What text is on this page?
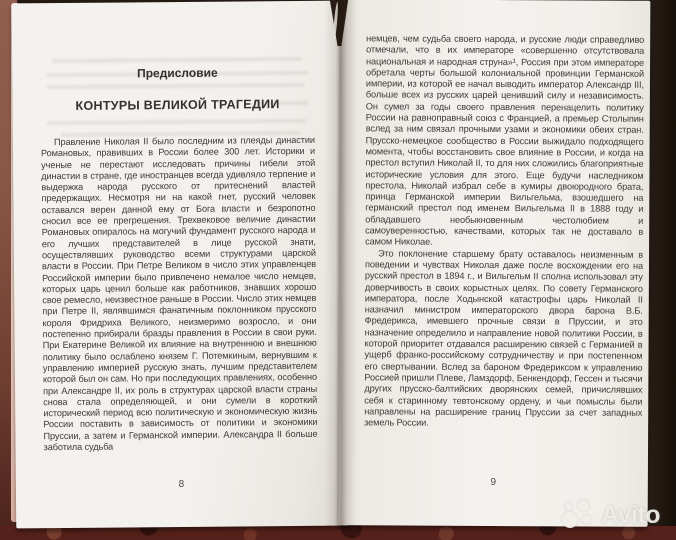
Предисловие
КОНТУРЫ ВЕЛИКОЙ ТРАГЕДИИ

Правление Николая II было последним из плеяды династии Романовых, правивших в России более 300 лет. Историки и ученые не перестают исследовать причины гибели этой династии в стране, где иностранцев всегда удивляло терпение и выдержка народа русского от притеснений властей предержащих. Несмотря ни на какой гнет, русский человек оставался верен данной ему от Бога власти и безропотно сносил все ее прегрешения. Трехвековое величие династии Романовых опиралось на могучий фундамент русского народа и его лучших представителей в лице русской знати, осуществлявших руководство всеми структурами царской власти в России. При Петре Великом в число этих управленцев Российской империи было привлечено немалое число немцев, которых царь ценил больше как работников, знавших хорошо свое ремесло, неизвестное раньше в России. Число этих немцев при Петре II, являвшимся фанатичным поклонником прусского короля Фридриха Великого, неизмеримо возросло, и они постепенно прибирали бразды правления в России в свои руки. При Екатерине Великой их влияние на внутреннюю и внешнюю политику было ослаблено князем Г. Потемкиным, вернувшим к управлению империей русскую знать, лучшим представителем которой был он сам. Но при последующих правлениях, особенно при Александре II, их роль в структурах царской власти страны снова стала определяющей, и они сумели в короткий исторический период всю политическую и экономическую жизнь России поставить в зависимость от политики и экономики Пруссии, а затем и Германской империи. Александра II больше заботила судьба

8

немцев, чем судьба своего народа, и русские люди справедливо отмечали, что в их императоре «совершенно отсутствовала национальная и народная струна»¹, Россия при этом императоре обретала черты большой колониальной провинции Германской империи, из которой ее начал выводить император Александр III, больше всех из русских царей ценивший силу и независимость. Он сумел за годы своего правления перенацелить политику России на равноправный союз с Францией, а премьер Столыпин вслед за ним связал прочными узами и экономики обеих стран. Прусско-немецкое сообщество в России выжидало подходящего момента, чтобы восстановить свое влияние в России, и когда на престол вступил Николай II, то для них сложились благоприятные исторические условия для этого. Еще будучи наследником престола, Николай избрал себе в кумиры двоюродного брата, принца Германской империи Вильгельма, взошедшего на германский престол под именем Вильгельма II в 1888 году и обладавшего необыкновенным честолюбием и самоуверенностью, качествами, которых так не доставало в самом Николае.

Это поклонение старшему брату оставалось неизменным в поведении и чувствах Николая даже после восхождении его на русский престол в 1894 г., и Вильгельм II сполна использовал эту доверчивость в своих корыстных целях. По совету Германского императора, после Ходынской катастрофы царь Николай II назначил министром императорского двора барона В.Б. Фредерикса, имевшего прочные связи в Пруссии, и это назначение определило и направление новой политики России, в которой приоритет отдавался расширению связей с Германией в ущерб франко-российскому сотрудничеству и при постепенном его свертывании. Вслед за бароном Фредериксом к управлению Россией пришли Плеве, Ламздорф, Бенкендорф, Гессен и тысячи других прусско-балтийских дворянских семей, причислявших себя к старинному тевтонскому ордену, и чьи помыслы были направлены на расширение границ Пруссии за счет западных земель России.

9
Avito
